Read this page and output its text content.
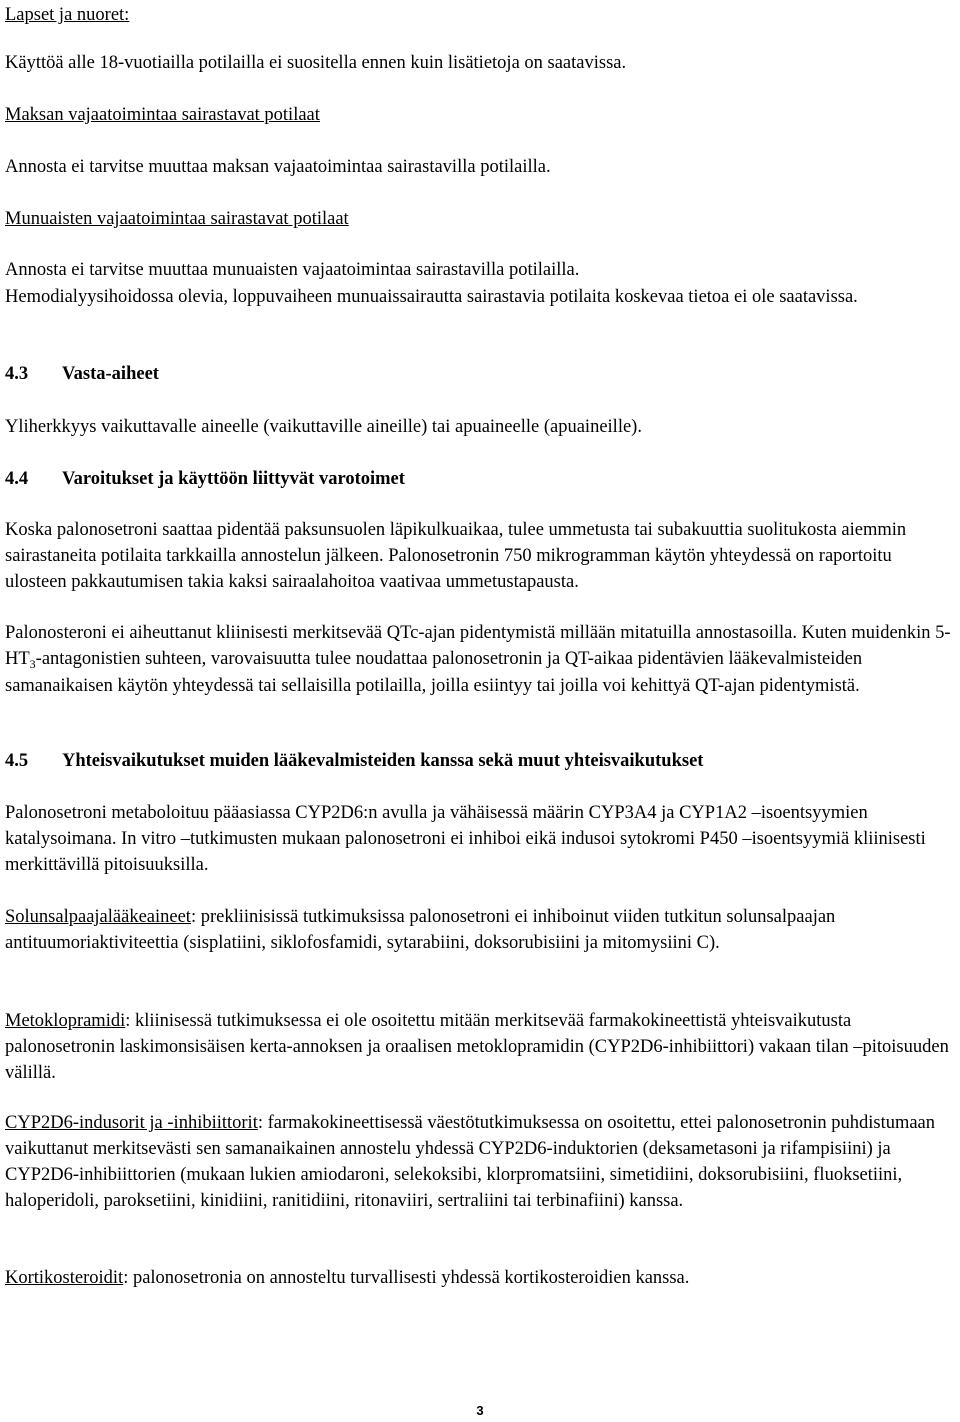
Lapset ja nuoret:

Käyttöä alle 18-vuotiailla potilailla ei suositella ennen kuin lisätietoja on saatavissa.

Maksan vajaatoimintaa sairastavat potilaat

Annosta ei tarvitse muuttaa maksan vajaatoimintaa sairastavilla potilailla.

Munuaisten vajaatoimintaa sairastavat potilaat

Annosta ei tarvitse muuttaa munuaisten vajaatoimintaa sairastavilla potilailla.

Hemodialyysihoidossa olevia, loppuvaiheen munuaissairautta sairastavia potilaita koskevaa tietoa ei ole saatavissa.

4.3	Vasta-aiheet

Yliherkkyys vaikuttavalle aineelle (vaikuttaville aineille) tai apuaineelle (apuaineille).

4.4	Varoitukset ja käyttöön liittyvät varotoimet

Koska palonosetroni saattaa pidentää paksunsuolen läpikulkuaikaa, tulee ummetusta tai subakuuttia suolitukosta aiemmin sairastaneita potilaita tarkkailla annostelun jälkeen. Palonosetronin 750 mikrogramman käytön yhteydessä on raportoitu ulosteen pakkautumisen takia kaksi sairaalahoitoa vaativaa ummetustapausta.

Palonosteroni ei aiheuttanut kliinisesti merkitsevää QTc-ajan pidentymistä millään mitatuilla annostasoilla. Kuten muidenkin $5-HT_3$-antagonistien suhteen, varovaisuutta tulee noudattaa palonosetronin ja QT-aikaa pidentävien lääkevalmisteiden samanaikaisen käytön yhteydessä tai sellaisilla potilailla, joilla esiintyy tai joilla voi kehittyä QT-ajan pidentymistä.

4.5	Yhteisvaikutukset muiden lääkevalmisteiden kanssa sekä muut yhteisvaikutukset

Palonosetroni metaboloituu pääasiassa CYP2D6:n avulla ja vähäisessä määrin CYP3A4 ja CYP1A2 –isoentsyymien katalysoimana. In vitro –tutkimusten mukaan palonosetroni ei inhiboi eikä indusoi sytokromi P450 –isoentsyymiä kliinisesti merkittävillä pitoisuuksilla.

Solunsalpaajalääkeaineet: prekliinisissä tutkimuksissa palonosetroni ei inhiboinut viiden tutkitun solunsalpaajan antituumoriaktiviteettia (sisplatiini, siklofosfamidi, sytarabiini, doksorubisiini ja mitomysiini C).

Metoklopramidi: kliinisessä tutkimuksessa ei ole osoitettu mitään merkitsevää farmakokineettistä yhteisvaikutusta palonosetronin laskimonsisäisen kerta-annoksen ja oraalisen metoklopramidin (CYP2D6-inhibiittori) vakaan tilan –pitoisuuden välillä.

CYP2D6-indusorit ja -inhibiittorit: farmakokineettisessä väestötutkimuksessa on osoitettu, ettei palonosetronin puhdistumaan vaikuttanut merkitsevästi sen samanaikainen annostelu yhdessä CYP2D6-induktorien (deksametasoni ja rifampisiini) ja CYP2D6-inhibiittorien (mukaan lukien amiodaroni, selekoksibi, klorpromatsiini, simetidiini, doksorubisiini, fluoksetiini, haloperidoli, paroksetiini, kinidiini, ranitidiini, ritonaviiri, sertraliini tai terbinafiini) kanssa.

Kortikosteroidit: palonosetronia on annosteltu turvallisesti yhdessä kortikosteroidien kanssa.

3
